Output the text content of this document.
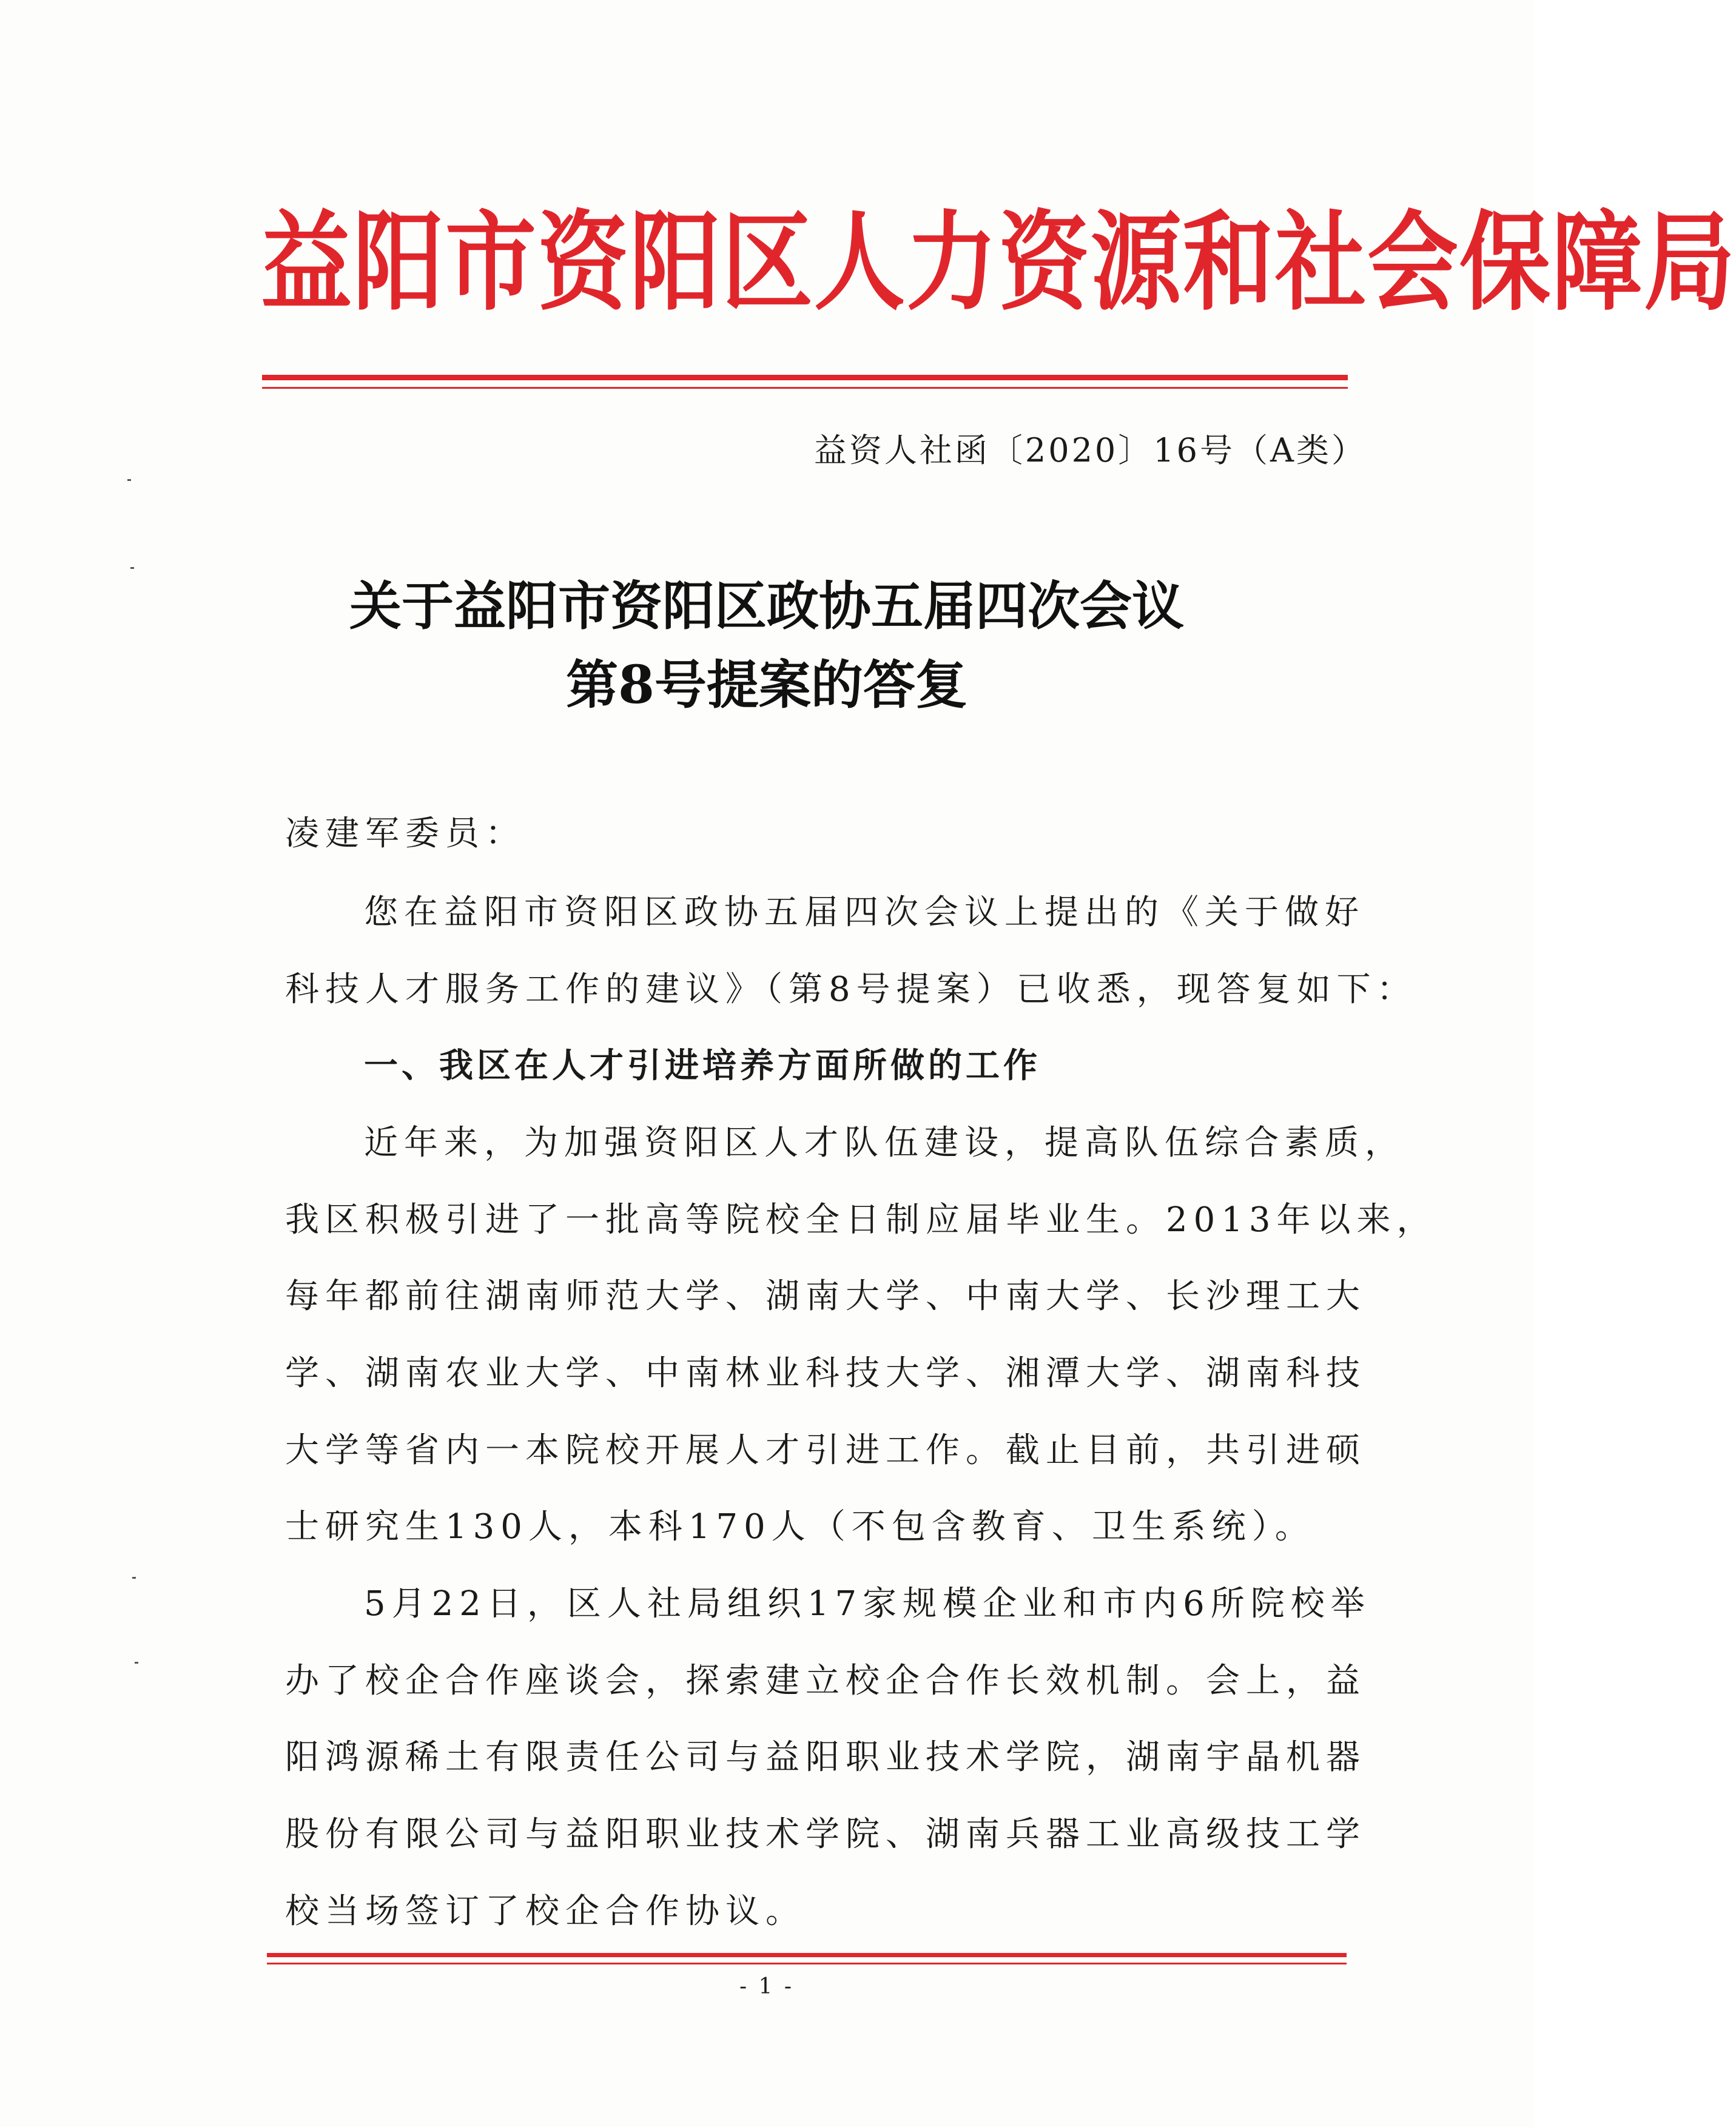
益阳市资阳区人力资源和社会保障局
益资人社函〔2020〕16号（A类）
关于益阳市资阳区政协五届四次会议
第8号提案的答复
凌建军委员：
您在益阳市资阳区政协五届四次会议上提出的《关于做好
科技人才服务工作的建议》（第8号提案）已收悉，现答复如下：
一、我区在人才引进培养方面所做的工作
近年来，为加强资阳区人才队伍建设，提高队伍综合素质，
我区积极引进了一批高等院校全日制应届毕业生。2013年以来，
每年都前往湖南师范大学、湖南大学、中南大学、长沙理工大
学、湖南农业大学、中南林业科技大学、湘潭大学、湖南科技
大学等省内一本院校开展人才引进工作。截止目前，共引进硕
士研究生130人，本科170人（不包含教育、卫生系统）。
5月22日，区人社局组织17家规模企业和市内6所院校举
办了校企合作座谈会，探索建立校企合作长效机制。会上，益
阳鸿源稀土有限责任公司与益阳职业技术学院，湖南宇晶机器
股份有限公司与益阳职业技术学院、湖南兵器工业高级技工学
校当场签订了校企合作协议。
- 1 -
